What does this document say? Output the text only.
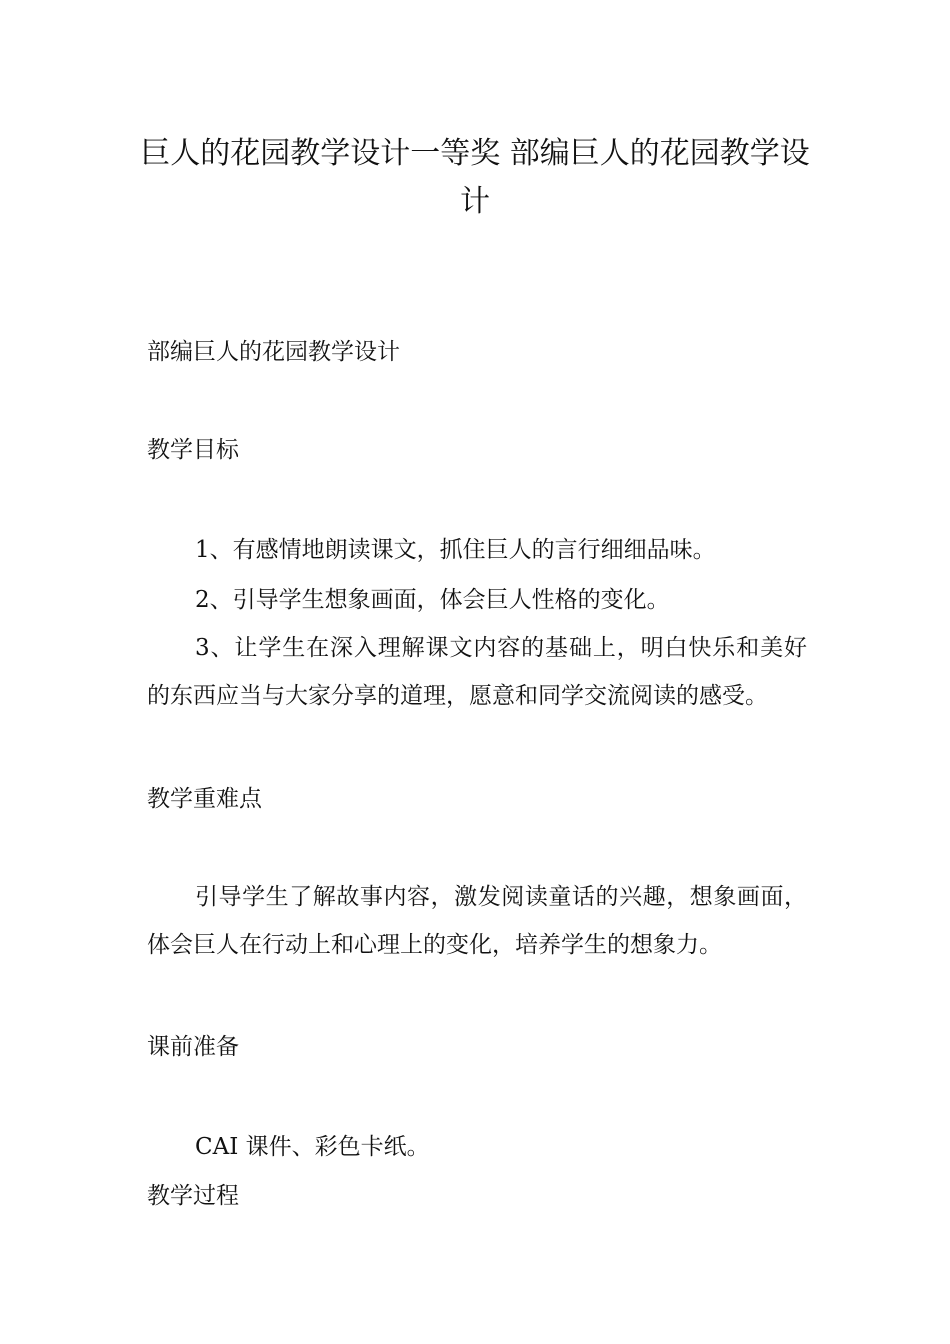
巨人的花园教学设计一等奖 部编巨人的花园教学设计

部编巨人的花园教学设计

教学目标

1、有感情地朗读课文，抓住巨人的言行细细品味。

2、引导学生想象画面，体会巨人性格的变化。

3、让学生在深入理解课文内容的基础上，明白快乐和美好的东西应当与大家分享的道理，愿意和同学交流阅读的感受。

教学重难点

引导学生了解故事内容，激发阅读童话的兴趣，想象画面，体会巨人在行动上和心理上的变化，培养学生的想象力。

课前准备

CAI 课件、彩色卡纸。

教学过程
